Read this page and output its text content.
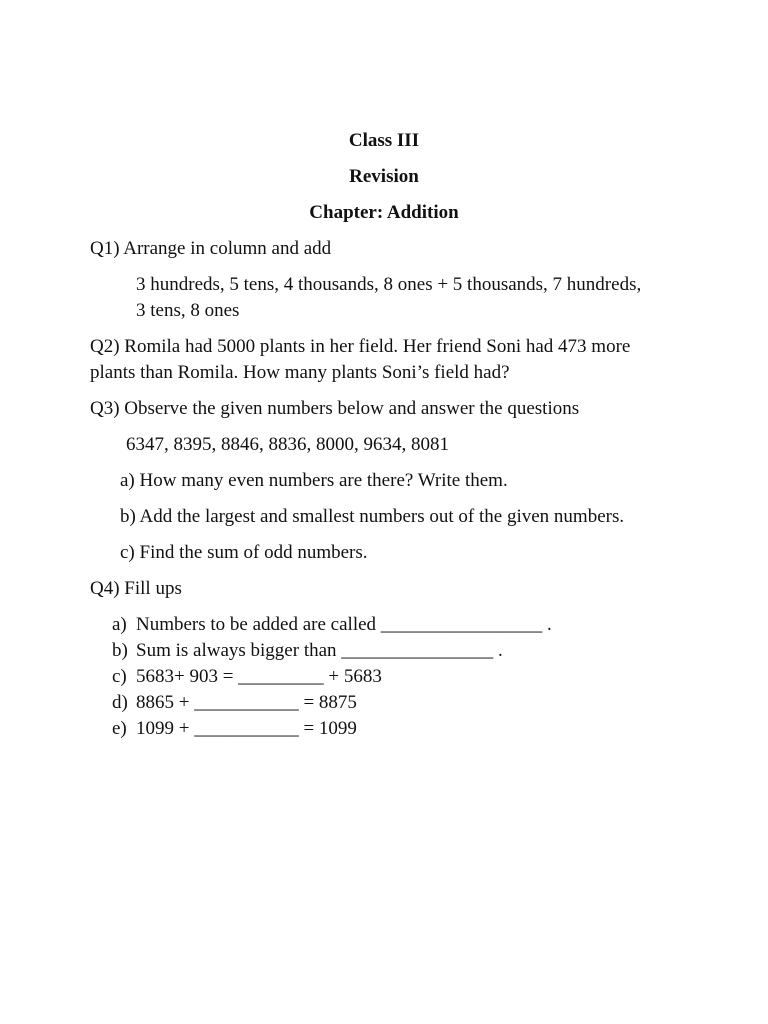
Class III
Revision
Chapter: Addition
Q1) Arrange in column and add
3 hundreds, 5 tens, 4 thousands, 8 ones + 5 thousands, 7 hundreds,
3 tens, 8 ones
Q2) Romila had 5000 plants in her field. Her friend Soni had 473 more
plants than Romila. How many plants Soni’s field had?
Q3) Observe the given numbers below and answer the questions
6347, 8395, 8846, 8836, 8000, 9634, 8081
a) How many even numbers are there? Write them.
b) Add the largest and smallest numbers out of the given numbers.
c) Find the sum of odd numbers.
Q4) Fill ups
a) Numbers to be added are called _________________ .
b) Sum is always bigger than ________________ .
c) 5683+ 903 = _________ + 5683
d) 8865 + ___________ = 8875
e) 1099 + ___________ = 1099
